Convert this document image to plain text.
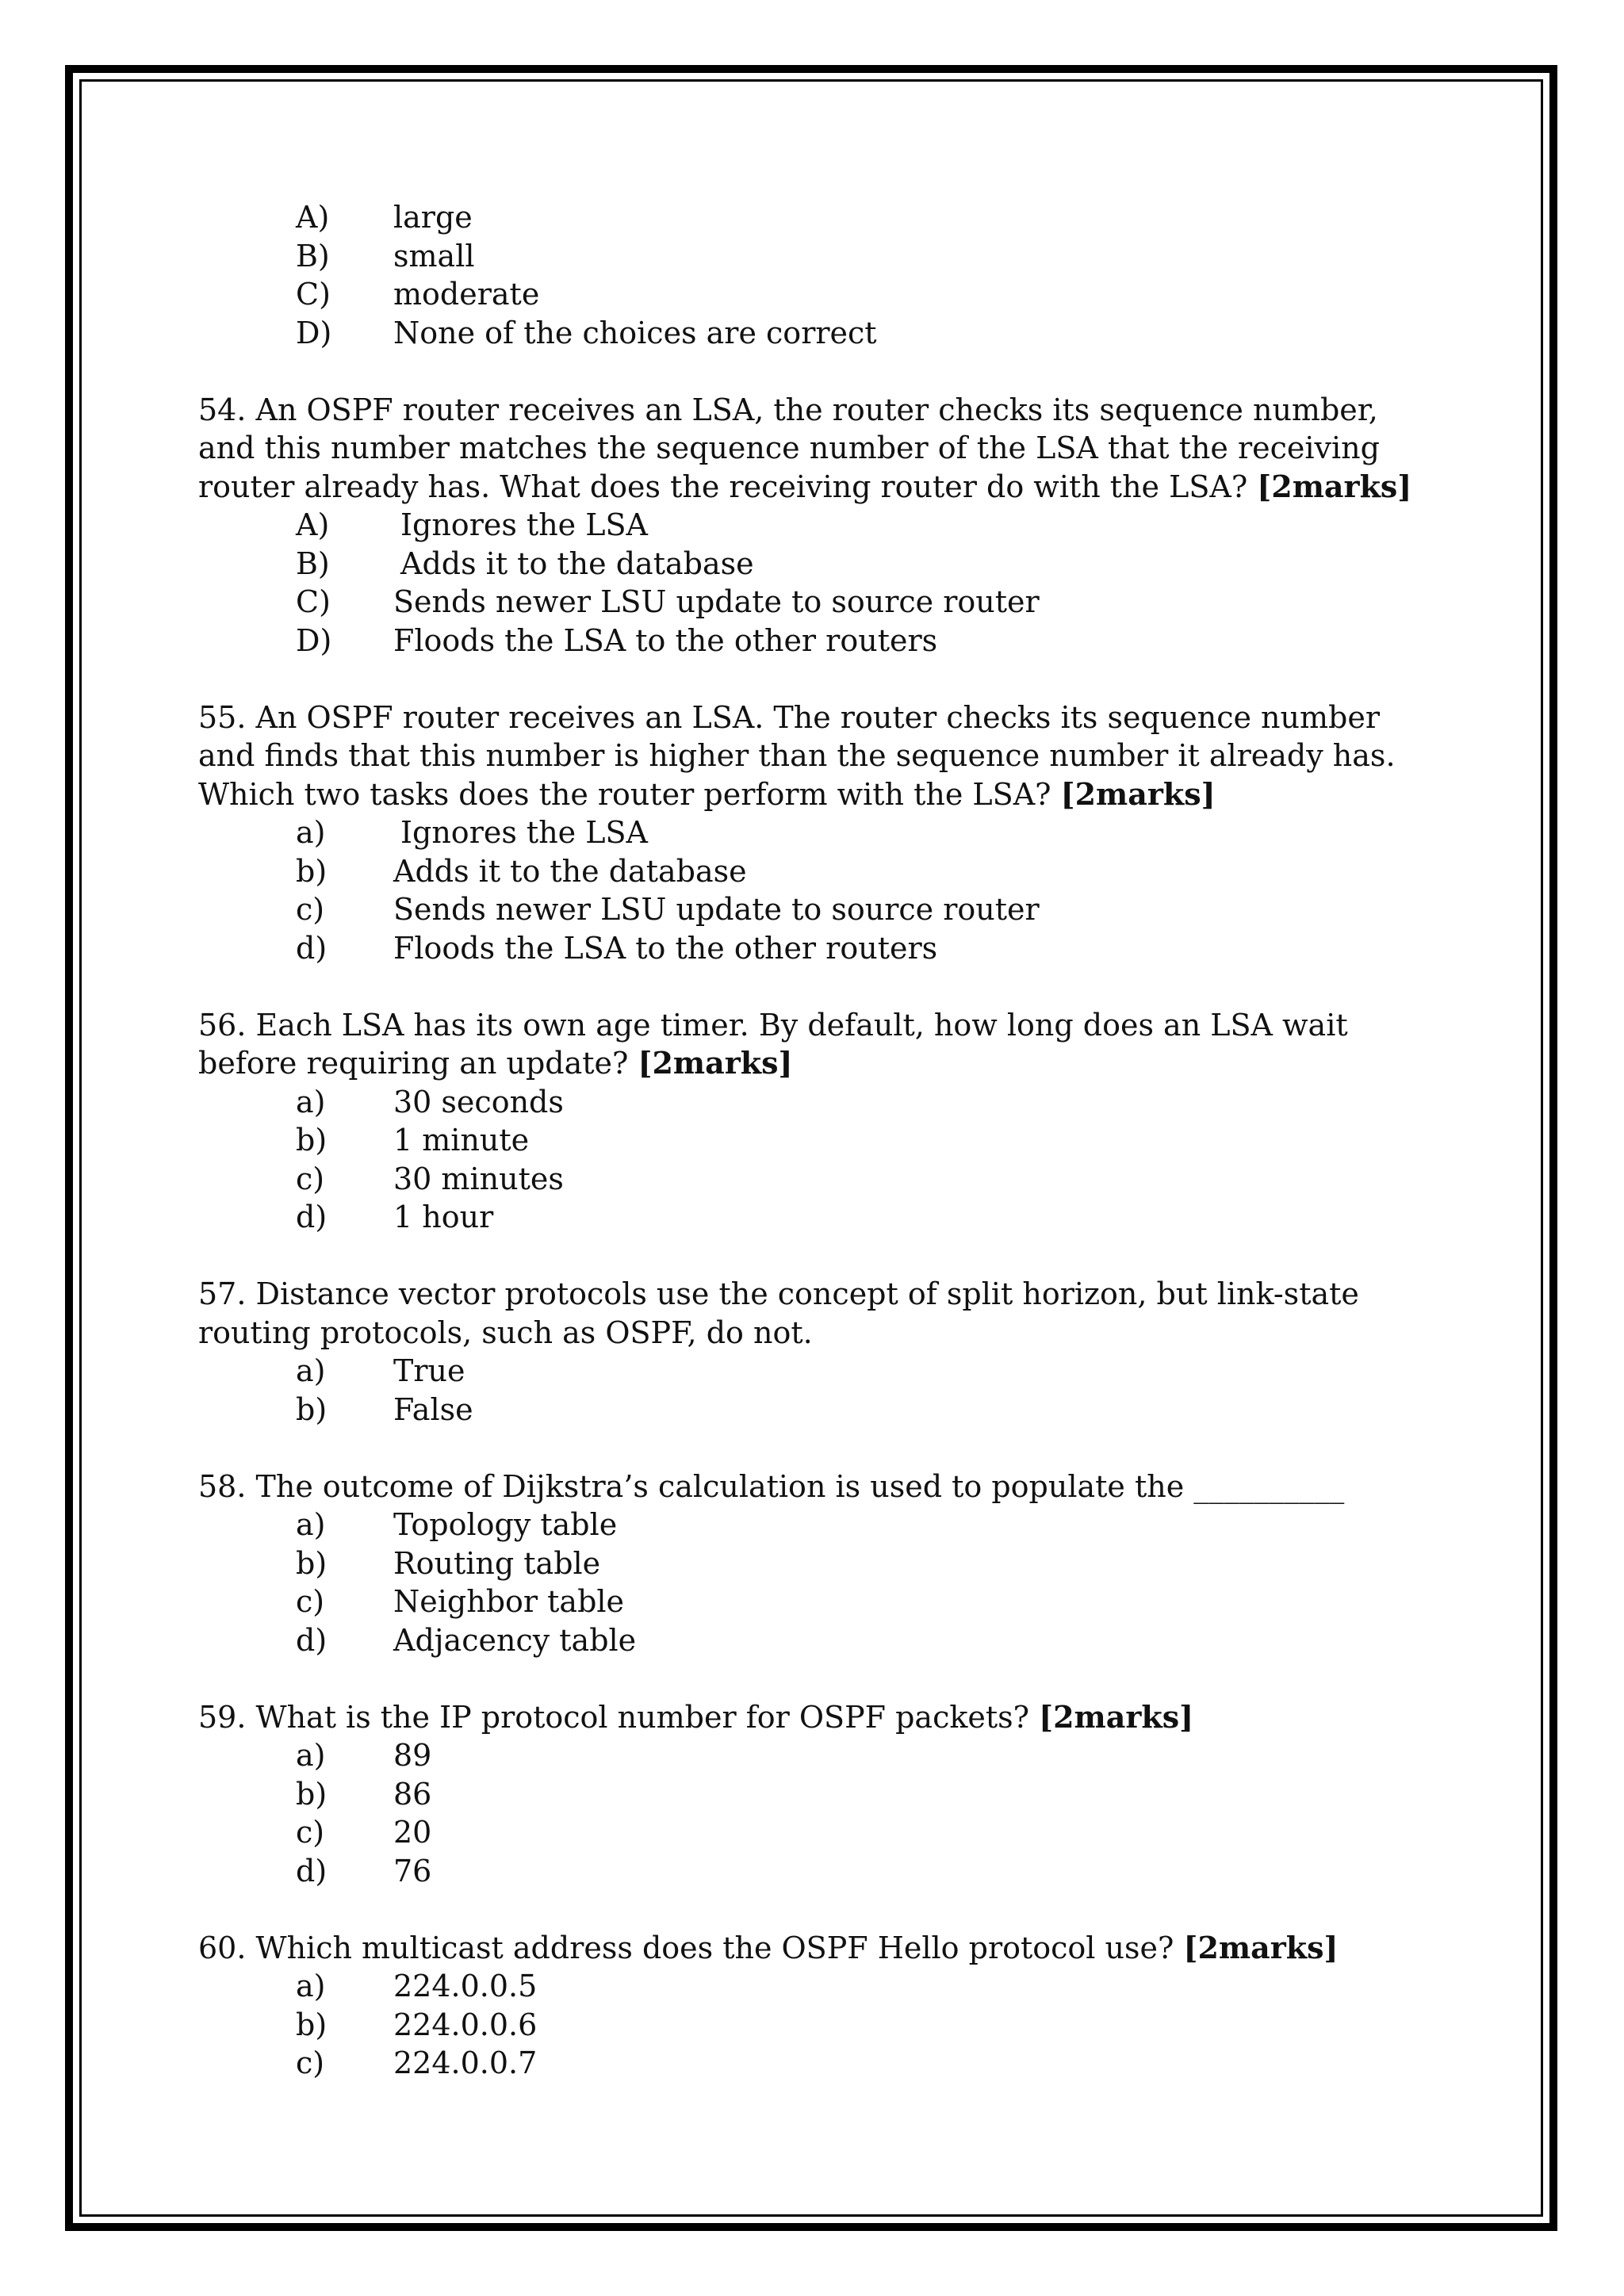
A)	large
B)	small
C)	moderate
D)	None of the choices are correct

54. An OSPF router receives an LSA, the router checks its sequence number, and this number matches the sequence number of the LSA that the receiving router already has. What does the receiving router do with the LSA? [2marks]

A)	Ignores the LSA
B)	Adds it to the database
C)	Sends newer LSU update to source router
D)	Floods the LSA to the other routers

55. An OSPF router receives an LSA. The router checks its sequence number and finds that this number is higher than the sequence number it already has. Which two tasks does the router perform with the LSA? [2marks]

a)	Ignores the LSA
b)	Adds it to the database
c)	Sends newer LSU update to source router
d)	Floods the LSA to the other routers

56. Each LSA has its own age timer. By default, how long does an LSA wait before requiring an update? [2marks]

a)	30 seconds
b)	1 minute
c)	30 minutes
d)	1 hour

57. Distance vector protocols use the concept of split horizon, but link-state routing protocols, such as OSPF, do not.

a)	True
b)	False

58. The outcome of Dijkstra’s calculation is used to populate the __________

a)	Topology table
b)	Routing table
c)	Neighbor table
d)	Adjacency table

59. What is the IP protocol number for OSPF packets? [2marks]

a)	89
b)	86
c)	20
d)	76

60. Which multicast address does the OSPF Hello protocol use? [2marks]

a)	224.0.0.5
b)	224.0.0.6
c)	224.0.0.7
